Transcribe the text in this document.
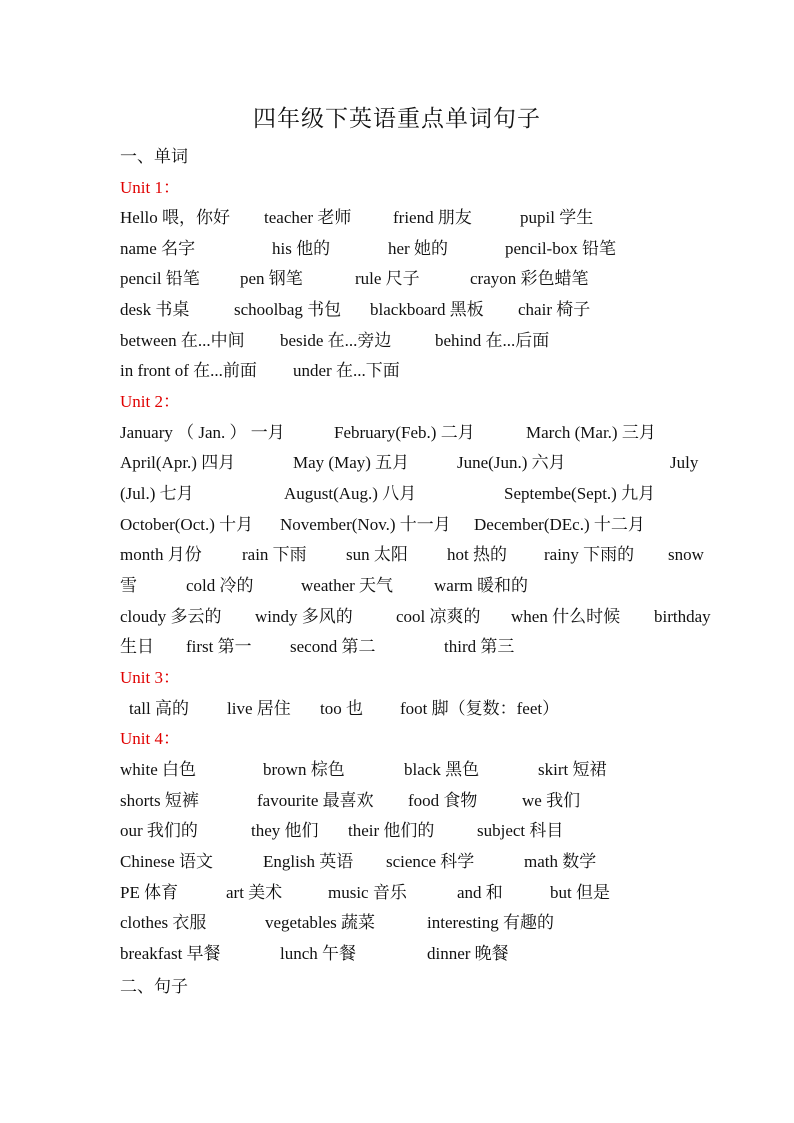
四年级下英语重点单词句子
一、单词
Unit 1：
Hello 喂，你好 teacher 老师 friend 朋友	pupil 学生
name 名字	his 他的	her 她的	pencil-box 铅笔
pencil 铅笔 pen 钢笔	rule 尺子	crayon 彩色蜡笔
desk 书桌	schoolbag 书包 blackboard 黑板 chair 椅子
between 在...中间 beside 在...旁边	behind 在...后面
in front of 在...前面 under 在...下面
Unit 2：
January （ Jan. ） 一月	February(Feb.) 二月	March (Mar.) 三月
April(Apr.) 四月	May (May) 五月	June(Jun.) 六月	July
(Jul.) 七月	August(Aug.) 八月	Septembe(Sept.) 九月
October(Oct.) 十月 November(Nov.) 十一月 December(DEc.) 十二月
month 月份 rain 下雨 sun 太阳 hot 热的 rainy 下雨的 snow
雪	cold 冷的	weather 天气 warm 暖和的
cloudy 多云的 windy 多风的	cool 凉爽的 when 什么时候 birthday
生日 first 第一 second 第二	third 第三
Unit 3：
tall 高的 live 居住 too 也 foot 脚（复数：feet）
Unit 4：
white 白色	brown 棕色	black 黑色	skirt 短裙
shorts 短裤	favourite 最喜欢 food 食物	we 我们
our 我们的	they 他们 their 他们的	subject 科目
Chinese 语文	English 英语 science 科学	math 数学
PE 体育	art 美术	music 音乐	and 和	but 但是
clothes 衣服	vegetables 蔬菜	interesting 有趣的
breakfast 早餐	lunch 午餐	dinner 晚餐
二、句子
